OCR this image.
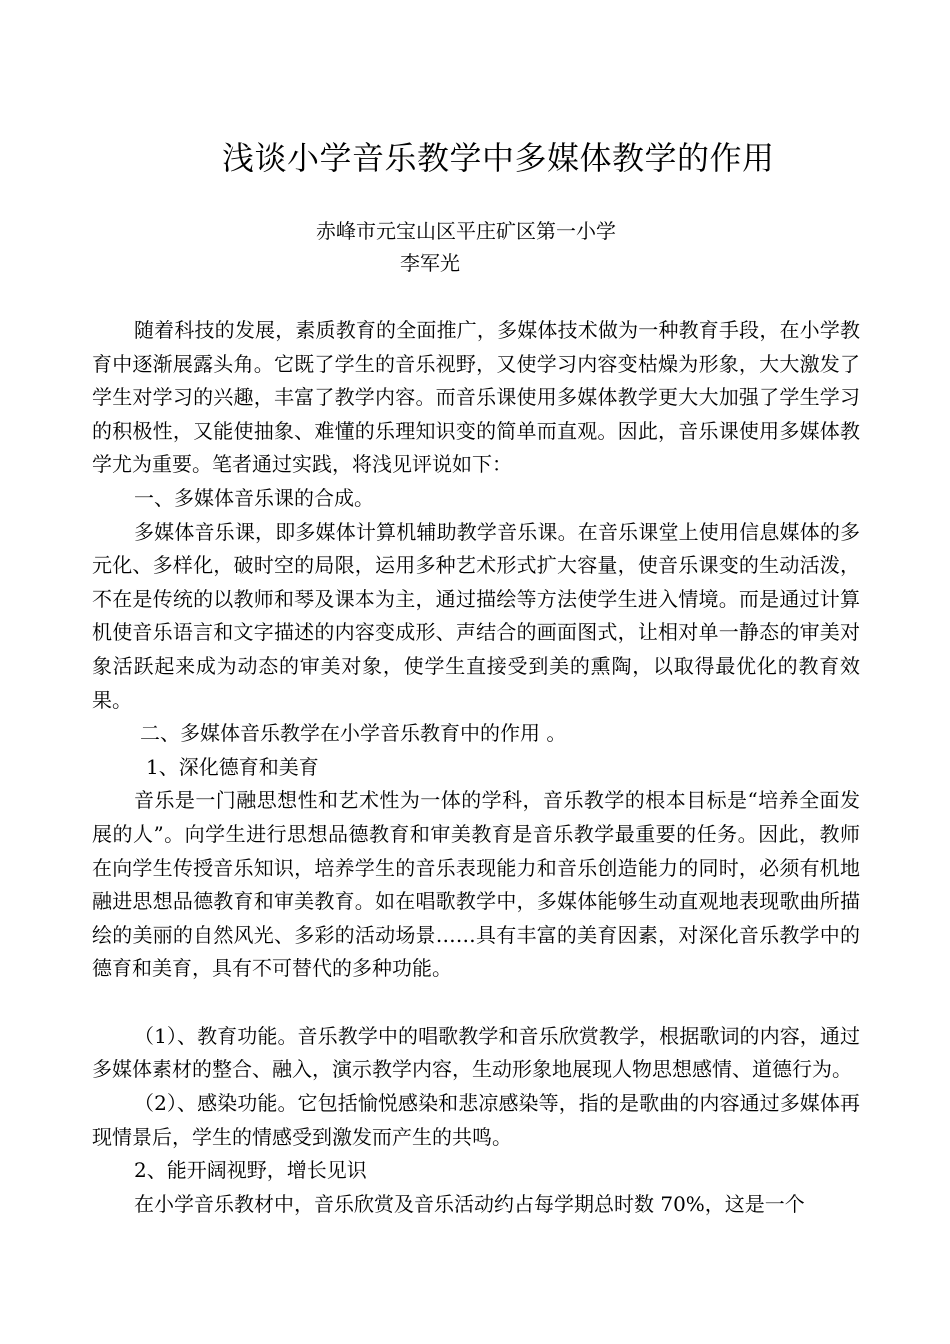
浅谈小学音乐教学中多媒体教学的作用
赤峰市元宝山区平庄矿区第一小学
李军光

随着科技的发展，素质教育的全面推广，多媒体技术做为一种教育手段，在小学教育中逐渐展露头角。它既了学生的音乐视野，又使学习内容变枯燥为形象，大大激发了学生对学习的兴趣，丰富了教学内容。而音乐课使用多媒体教学更大大加强了学生学习的积极性，又能使抽象、难懂的乐理知识变的简单而直观。因此，音乐课使用多媒体教学尤为重要。笔者通过实践，将浅见评说如下：

一、多媒体音乐课的合成。

多媒体音乐课，即多媒体计算机辅助教学音乐课。在音乐课堂上使用信息媒体的多元化、多样化，破时空的局限，运用多种艺术形式扩大容量，使音乐课变的生动活泼，不在是传统的以教师和琴及课本为主，通过描绘等方法使学生进入情境。而是通过计算机使音乐语言和文字描述的内容变成形、声结合的画面图式，让相对单一静态的审美对象活跃起来成为动态的审美对象，使学生直接受到美的熏陶，以取得最优化的教育效果。

二、多媒体音乐教学在小学音乐教育中的作用 。

1、深化德育和美育

音乐是一门融思想性和艺术性为一体的学科，音乐教学的根本目标是“培养全面发展的人”。向学生进行思想品德教育和审美教育是音乐教学最重要的任务。因此，教师在向学生传授音乐知识，培养学生的音乐表现能力和音乐创造能力的同时，必须有机地融进思想品德教育和审美教育。如在唱歌教学中，多媒体能够生动直观地表现歌曲所描绘的美丽的自然风光、多彩的活动场景……具有丰富的美育因素，对深化音乐教学中的德育和美育，具有不可替代的多种功能。

（1）、教育功能。音乐教学中的唱歌教学和音乐欣赏教学，根据歌词的内容，通过多媒体素材的整合、融入，演示教学内容，生动形象地展现人物思想感情、道德行为。

（2）、感染功能。它包括愉悦感染和悲凉感染等，指的是歌曲的内容通过多媒体再现情景后，学生的情感受到激发而产生的共鸣。

2、能开阔视野，增长见识

在小学音乐教材中，音乐欣赏及音乐活动约占每学期总时数 70%，这是一个
